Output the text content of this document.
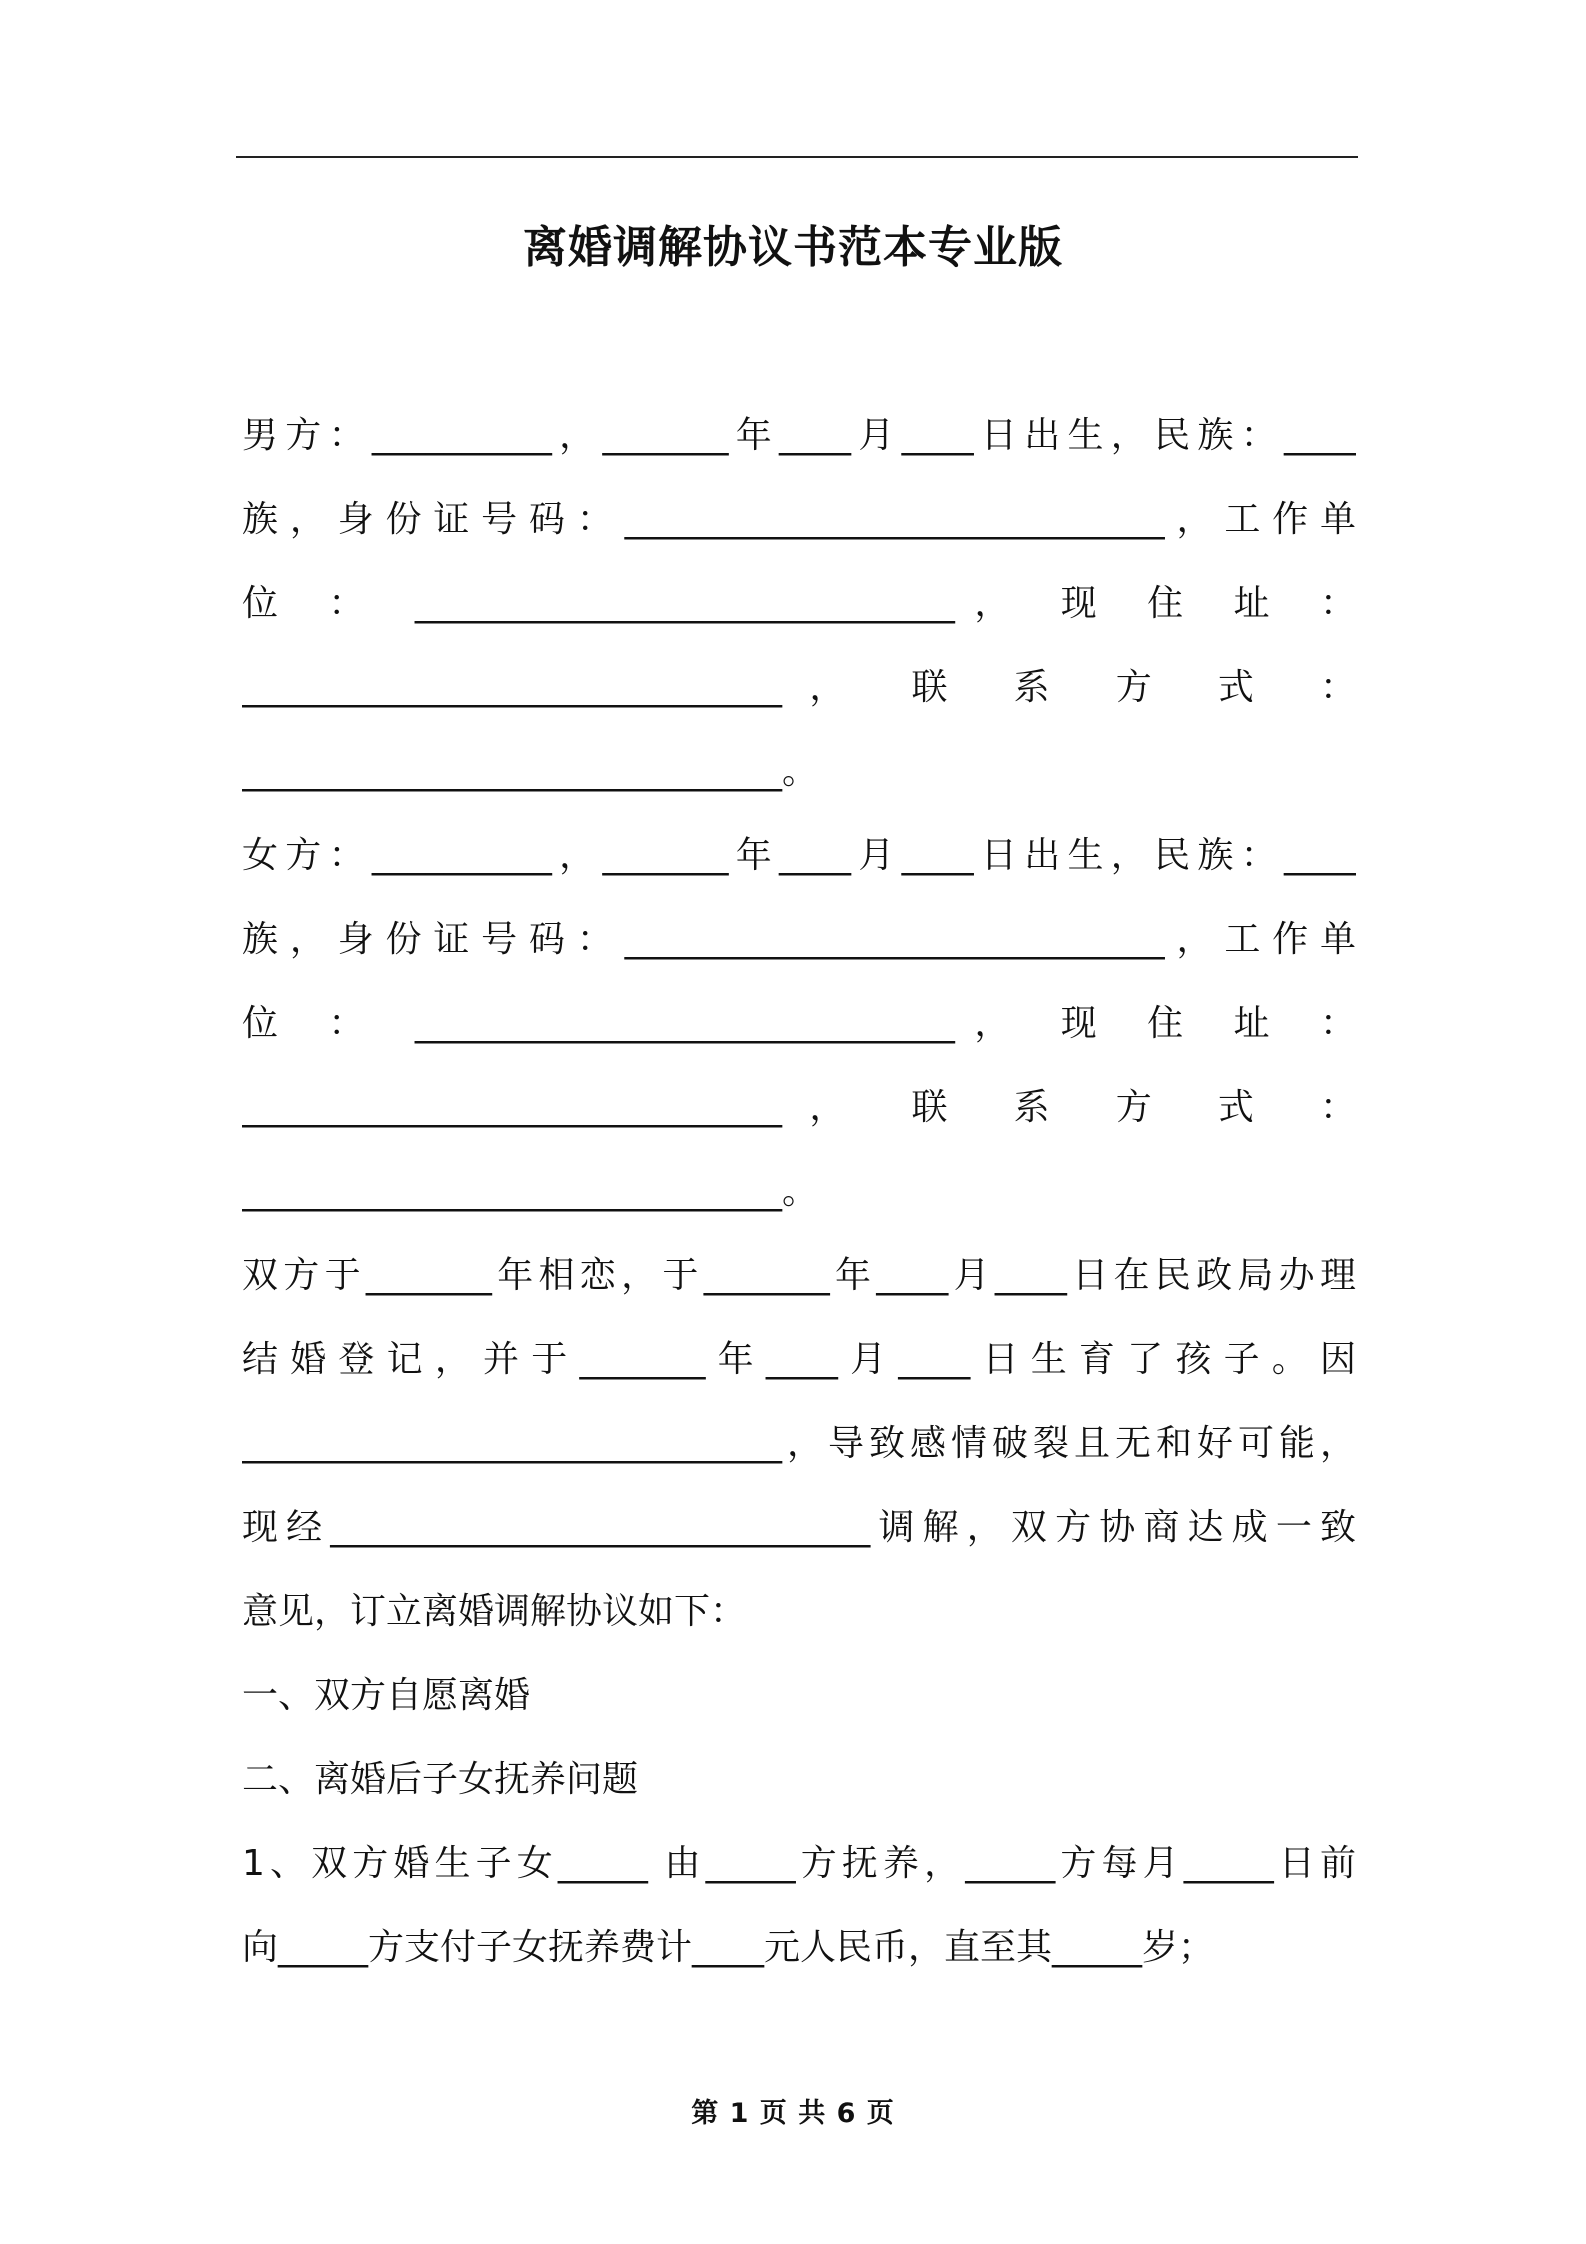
离婚调解协议书范本专业版

男方：__________，_______年____月____日出生，民族：____

族，身份证号码：______________________________，工作单

位 ： ______________________________， 现 住 址 ：

______________________________， 联 系 方 式 ：

______________________________。

女方：__________，_______年____月____日出生，民族：____

族，身份证号码：______________________________，工作单

位 ： ______________________________， 现 住 址 ：

______________________________， 联 系 方 式 ：

______________________________。

双方于_______年相恋，于_______年____月____日在民政局办理

结婚登记，并于_______年____月____日生育了孩子。因

______________________________，导致感情破裂且无和好可能，

现经______________________________调解，双方协商达成一致

意见，订立离婚调解协议如下：

一、双方自愿离婚

二、离婚后子女抚养问题

1、双方婚生子女_____ 由_____方抚养，_____方每月_____日前

向_____方支付子女抚养费计____元人民币，直至其_____岁；

第 1 页 共 6 页
